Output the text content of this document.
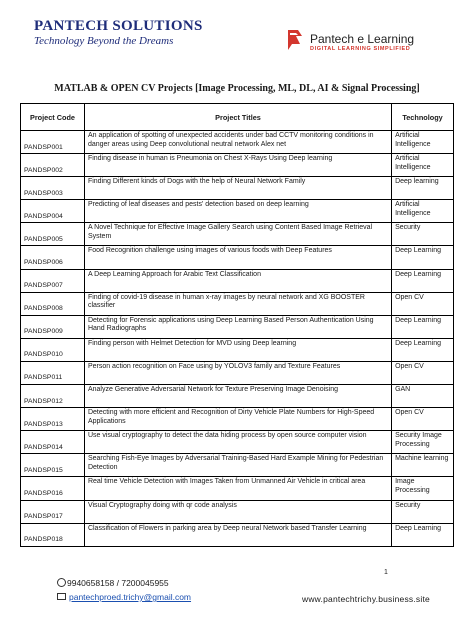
PANTECH SOLUTIONS
Technology Beyond the Dreams	Pantech e Learning
DIGITAL LEARNING SIMPLIFIED
MATLAB & OPEN CV Projects [Image Processing, ML, DL, AI & Signal Processing]
Project Code	Project Titles	Technology
PANDSP001	An application of spotting of unexpected accidents under bad CCTV monitoring conditions in danger areas using Deep convolutional neutral network Alex net	Artificial Intelligence
PANDSP002	Finding disease in human is Pneumonia on Chest X-Rays Using Deep learning	Artificial Intelligence
PANDSP003	Finding Different kinds of Dogs with the help of Neural Network Family	Deep learning
PANDSP004	Predicting of leaf diseases and pests' detection based on deep learning	Artificial Intelligence
PANDSP005	A Novel Technique for Effective Image Gallery Search using Content Based Image Retrieval System	Security
PANDSP006	Food Recognition challenge using images of various foods with Deep Features	Deep Learning
PANDSP007	A Deep Learning Approach for Arabic Text Classification	Deep Learning
PANDSP008	Finding of covid-19 disease in human x-ray images by neural network and XG BOOSTER classifier	Open CV
PANDSP009	Detecting for Forensic applications using Deep Learning Based Person Authentication Using Hand Radiographs	Deep Learning
PANDSP010	Finding person with Helmet Detection for MVD using Deep learning	Deep Learning
PANDSP011	Person action recognition on Face using by YOLOV3 family and Texture Features	Open CV
PANDSP012	Analyze Generative Adversarial Network for Texture Preserving Image Denoising	GAN
PANDSP013	Detecting with more efficient and Recognition of Dirty Vehicle Plate Numbers for High-Speed Applications	Open CV
PANDSP014	Use visual cryptography to detect the data hiding process by open source computer vision	Security Image Processing
PANDSP015	Searching Fish-Eye Images by Adversarial Training-Based Hard Example Mining for Pedestrian Detection	Machine learning
PANDSP016	Real time Vehicle Detection with Images Taken from Unmanned Air Vehicle in critical area	Image Processing
PANDSP017	Visual Cryptography doing with qr code analysis	Security
PANDSP018	Classification of Flowers in parking area by Deep neural Network based Transfer Learning	Deep Learning
1
9940658158 / 7200045955
pantechproed.trichy@gmail.com	www.pantechtrichy.business.site
